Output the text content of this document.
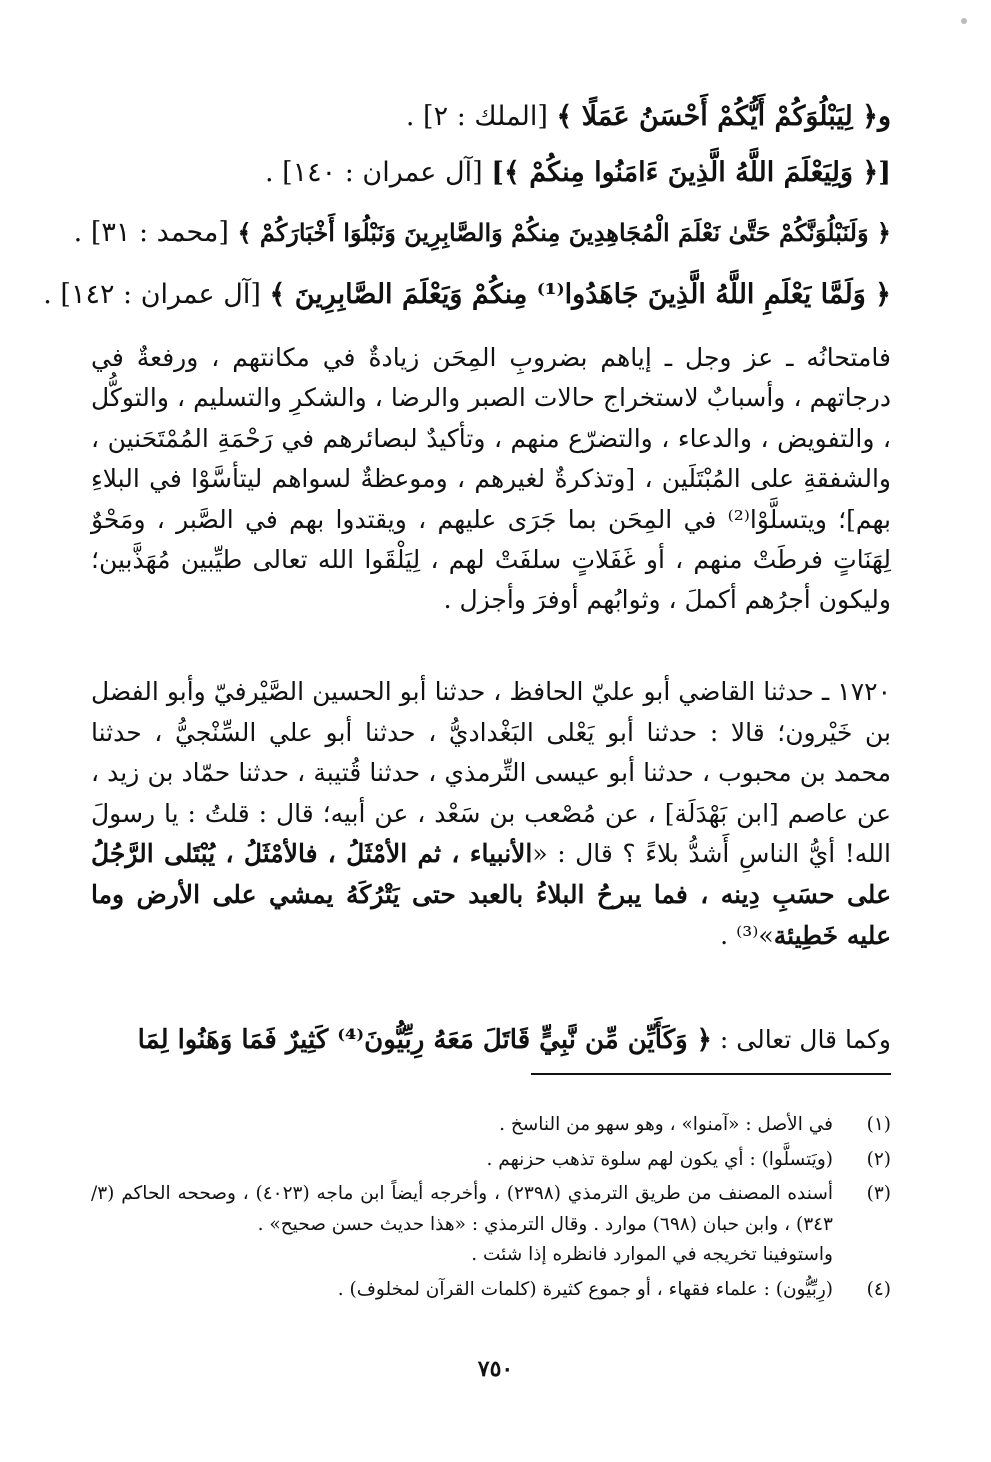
و﴿ لِيَبْلُوَكُمْ أَيُّكُمْ أَحْسَنُ عَمَلًا ﴾ [الملك : ٢] .
[﴿ وَلِيَعْلَمَ اللَّهُ الَّذِينَ ءَامَنُوا مِنكُمْ ﴾] [آل عمران : ١٤٠] .
﴿ وَلَنَبْلُوَنَّكُمْ حَتَّىٰ نَعْلَمَ الْمُجَاهِدِينَ مِنكُمْ وَالصَّابِرِينَ وَنَبْلُوَا أَخْبَارَكُمْ ﴾ [محمد : ٣١] .
﴿ وَلَمَّا يَعْلَمِ اللَّهُ الَّذِينَ جَاهَدُوا⁽¹⁾ مِنكُمْ وَيَعْلَمَ الصَّابِرِينَ ﴾ [آل عمران : ١٤٢] .
فامتحانُه ـ عز وجل ـ إياهم بضروبِ المِحَن زيادةٌ في مكانتهم ، ورفعةٌ في درجاتهم ، وأسبابٌ لاستخراج حالات الصبر والرضا ، والشكرِ والتسليم ، والتوكُّل ، والتفويض ، والدعاء ، والتضرّع منهم ، وتأكيدٌ لبصائرهم في رَحْمَةِ المُمْتَحَنين ، والشفقةِ على المُبْتَلَين ، [وتذكرةٌ لغيرهم ، وموعظةٌ لسواهم ليتأسَّوْا في البلاءِ بهم]؛ ويتسلَّوْا⁽²⁾ في المِحَن بما جَرَى عليهم ، ويقتدوا بهم في الصَّبر ، ومَحْوٌ لِهَنَاتٍ فرطَتْ منهم ، أو غَفَلاتٍ سلفَتْ لهم ، لِيَلْقَوا الله تعالى طيِّبين مُهَذَّبين؛ وليكون أجرُهم أكملَ ، وثوابُهم أوفرَ وأجزل .
١٧٢٠ ـ حدثنا القاضي أبو عليّ الحافظ ، حدثنا أبو الحسين الصَّيْرفيّ وأبو الفضل بن خَيْرون؛ قالا : حدثنا أبو يَعْلى البَغْداديُّ ، حدثنا أبو علي السِّنْجيُّ ، حدثنا محمد بن محبوب ، حدثنا أبو عيسى التِّرمذي ، حدثنا قُتيبة ، حدثنا حمّاد بن زيد ، عن عاصم [ابن بَهْدَلَة] ، عن مُصْعب بن سَعْد ، عن أبيه؛ قال : قلتُ : يا رسولَ الله! أيُّ الناسِ أَشدُّ بلاءً ؟ قال : «الأنبياء ، ثم الأمْثَلُ ، فالأمْثَلُ ، يُبْتَلى الرَّجُلُ على حسَبِ دِينه ، فما يبرحُ البلاءُ بالعبد حتى يَتْرُكَهُ يمشي على الأرض وما عليه خَطِيئة»⁽³⁾ .
وكما قال تعالى : ﴿ وَكَأَيِّن مِّن نَّبِيٍّ قَاتَلَ مَعَهُ رِبِّيُّونَ⁽⁴⁾ كَثِيرٌ فَمَا وَهَنُوا لِمَا
(١)
في الأصل : «آمنوا» ، وهو سهو من الناسخ .
(٢)
(ويَتسلَّوا) : أي يكون لهم سلوة تذهب حزنهم .
(٣)
أسنده المصنف من طريق الترمذي (٢٣٩٨) ، وأخرجه أيضاً ابن ماجه (٤٠٢٣) ، وصححه الحاكم (٣/ ٣٤٣) ، وابن حبان (٦٩٨) موارد . وقال الترمذي : «هذا حديث حسن صحيح» .
واستوفينا تخريجه في الموارد فانظره إذا شئت .
(٤)
(رِبِّيُّون) : علماء فقهاء ، أو جموع كثيرة (كلمات القرآن لمخلوف) .
٧٥٠
